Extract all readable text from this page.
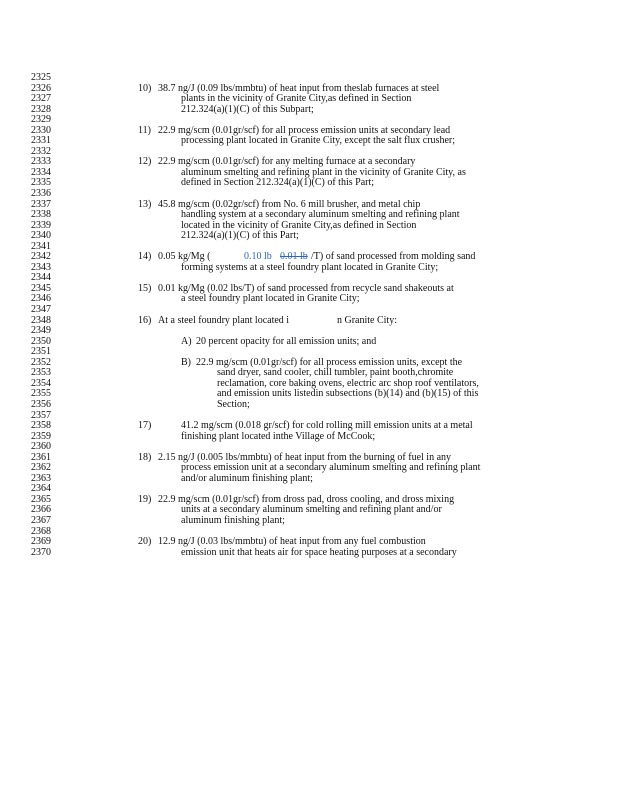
2325
2326
2327
2328
2329
2330
2331
2332
2333
2334
2335
2336
2337
2338
2339
2340
2341
2342
2343
2344
2345
2346
2347
2348
2349
2350
2351
2352
2353
2354
2355
2356
2357
2358
2359
2360
2361
2362
2363
2364
2365
2366
2367
2368
2369
2370
10) 38.7 ng/J (0.09 lbs/mmbtu) of heat input from theslab furnaces at steel
plants in the vicinity of Granite City,as defined in Section
212.324(a)(1)(C) of this Subpart;
11) 22.9 mg/scm (0.01gr/scf) for all process emission units at secondary lead
processing plant located in Granite City, except the salt flux crusher;
12) 22.9 mg/scm (0.01gr/scf) for any melting furnace at a secondary
aluminum smelting and refining plant in the vicinity of Granite City, as
defined in Section 212.324(a)(1)(C) of this Part;
13) 45.8 mg/scm (0.02gr/scf) from No. 6 mill brusher, and metal chip
handling system at a secondary aluminum smelting and refining plant
located in the vicinity of Granite City,as defined in Section
212.324(a)(1)(C) of this Part;
14) 0.05 kg/Mg (	0.10 lb 0.01 lb /T) of sand processed from molding sand
forming systems at a steel foundry plant located in Granite City;
15) 0.01 kg/Mg (0.02 lbs/T) of sand processed from recycle sand shakeouts at
a steel foundry plant located in Granite City;
16) At a steel foundry plant located i	n Granite City:
A) 20 percent opacity for all emission units; and
B) 22.9 mg/scm (0.01gr/scf) for all process emission units, except the
sand dryer, sand cooler, chill tumbler, paint booth,chromite
reclamation, core baking ovens, electric arc shop roof ventilators,
and emission units listedin subsections (b)(14) and (b)(15) of this
Section;
17)	41.2 mg/scm (0.018 gr/scf) for cold rolling mill emission units at a metal
finishing plant located inthe Village of McCook;
18) 2.15 ng/J (0.005 lbs/mmbtu) of heat input from the burning of fuel in any
process emission unit at a secondary aluminum smelting and refining plant
and/or aluminum finishing plant;
19) 22.9 mg/scm (0.01gr/scf) from dross pad, dross cooling, and dross mixing
units at a secondary aluminum smelting and refining plant and/or
aluminum finishing plant;
20) 12.9 ng/J (0.03 lbs/mmbtu) of heat input from any fuel combustion
emission unit that heats air for space heating purposes at a secondary
